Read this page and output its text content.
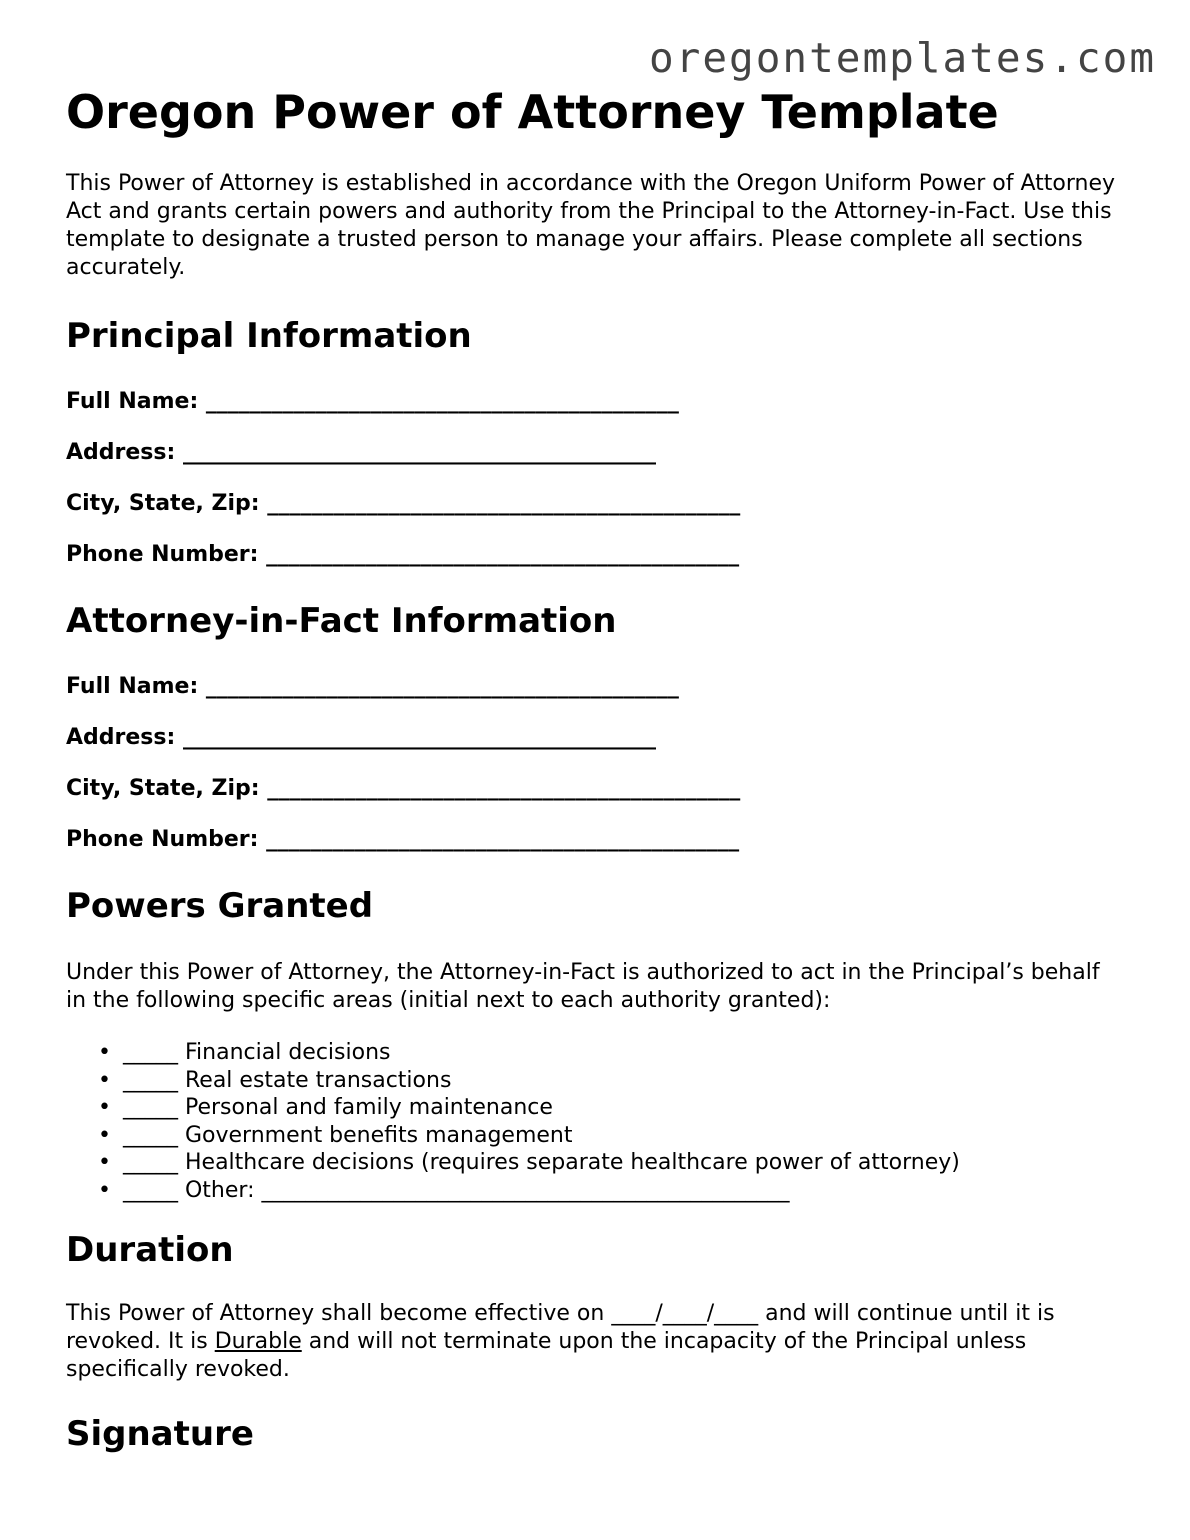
oregontemplates.com
Oregon Power of Attorney Template

This Power of Attorney is established in accordance with the Oregon Uniform Power of Attorney Act and grants certain powers and authority from the Principal to the Attorney-in-Fact. Use this template to designate a trusted person to manage your affairs. Please complete all sections accurately.

Principal Information
Full Name: ___________________________________________
Address: ___________________________________________
City, State, Zip: ___________________________________________
Phone Number: ___________________________________________
Attorney-in-Fact Information
Full Name: ___________________________________________
Address: ___________________________________________
City, State, Zip: ___________________________________________
Phone Number: ___________________________________________
Powers Granted

Under this Power of Attorney, the Attorney-in-Fact is authorized to act in the Principal’s behalf in the following specific areas (initial next to each authority granted):

• _____ Financial decisions
• _____ Real estate transactions
• _____ Personal and family maintenance
• _____ Government benefits management
• _____ Healthcare decisions (requires separate healthcare power of attorney)
• _____ Other: ________________________________________________
Duration

This Power of Attorney shall become effective on ____/____/____ and will continue until it is revoked. It is Durable and will not terminate upon the incapacity of the Principal unless specifically revoked.

Signature
